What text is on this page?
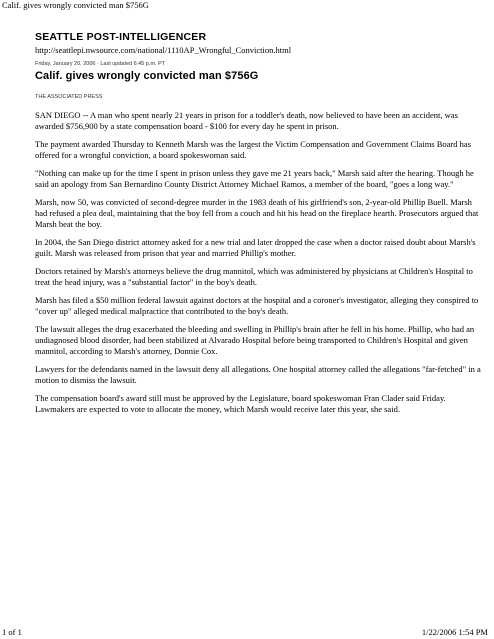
Calif. gives wrongly convicted man $756G
SEATTLE POST-INTELLIGENCER
http://seattlepi.nwsource.com/national/1110AP_Wrongful_Conviction.html
Friday, January 20, 2006 · Last updated 6:45 p.m. PT
Calif. gives wrongly convicted man $756G
THE ASSOCIATED PRESS

SAN DIEGO -- A man who spent nearly 21 years in prison for a toddler's death, now believed to have been an accident, was awarded $756,900 by a state compensation board - $100 for every day he spent in prison.

The payment awarded Thursday to Kenneth Marsh was the largest the Victim Compensation and Government Claims Board has offered for a wrongful conviction, a board spokeswoman said.

"Nothing can make up for the time I spent in prison unless they gave me 21 years back," Marsh said after the hearing. Though he said an apology from San Bernardino County District Attorney Michael Ramos, a member of the board, "goes a long way."

Marsh, now 50, was convicted of second-degree murder in the 1983 death of his girlfriend's son, 2-year-old Phillip Buell. Marsh had refused a plea deal, maintaining that the boy fell from a couch and hit his head on the fireplace hearth. Prosecutors argued that Marsh beat the boy.

In 2004, the San Diego district attorney asked for a new trial and later dropped the case when a doctor raised doubt about Marsh's guilt. Marsh was released from prison that year and married Phillip's mother.

Doctors retained by Marsh's attorneys believe the drug mannitol, which was administered by physicians at Children's Hospital to treat the head injury, was a "substantial factor" in the boy's death.

Marsh has filed a $50 million federal lawsuit against doctors at the hospital and a coroner's investigator, alleging they conspired to "cover up" alleged medical malpractice that contributed to the boy's death.

The lawsuit alleges the drug exacerbated the bleeding and swelling in Phillip's brain after he fell in his home. Phillip, who had an undiagnosed blood disorder, had been stabilized at Alvarado Hospital before being transported to Children's Hospital and given mannitol, according to Marsh's attorney, Donnie Cox.

Lawyers for the defendants named in the lawsuit deny all allegations. One hospital attorney called the allegations "far-fetched" in a motion to dismiss the lawsuit.

The compensation board's award still must be approved by the Legislature, board spokeswoman Fran Clader said Friday. Lawmakers are expected to vote to allocate the money, which Marsh would receive later this year, she said.

1 of 1	1/22/2006 1:54 PM
